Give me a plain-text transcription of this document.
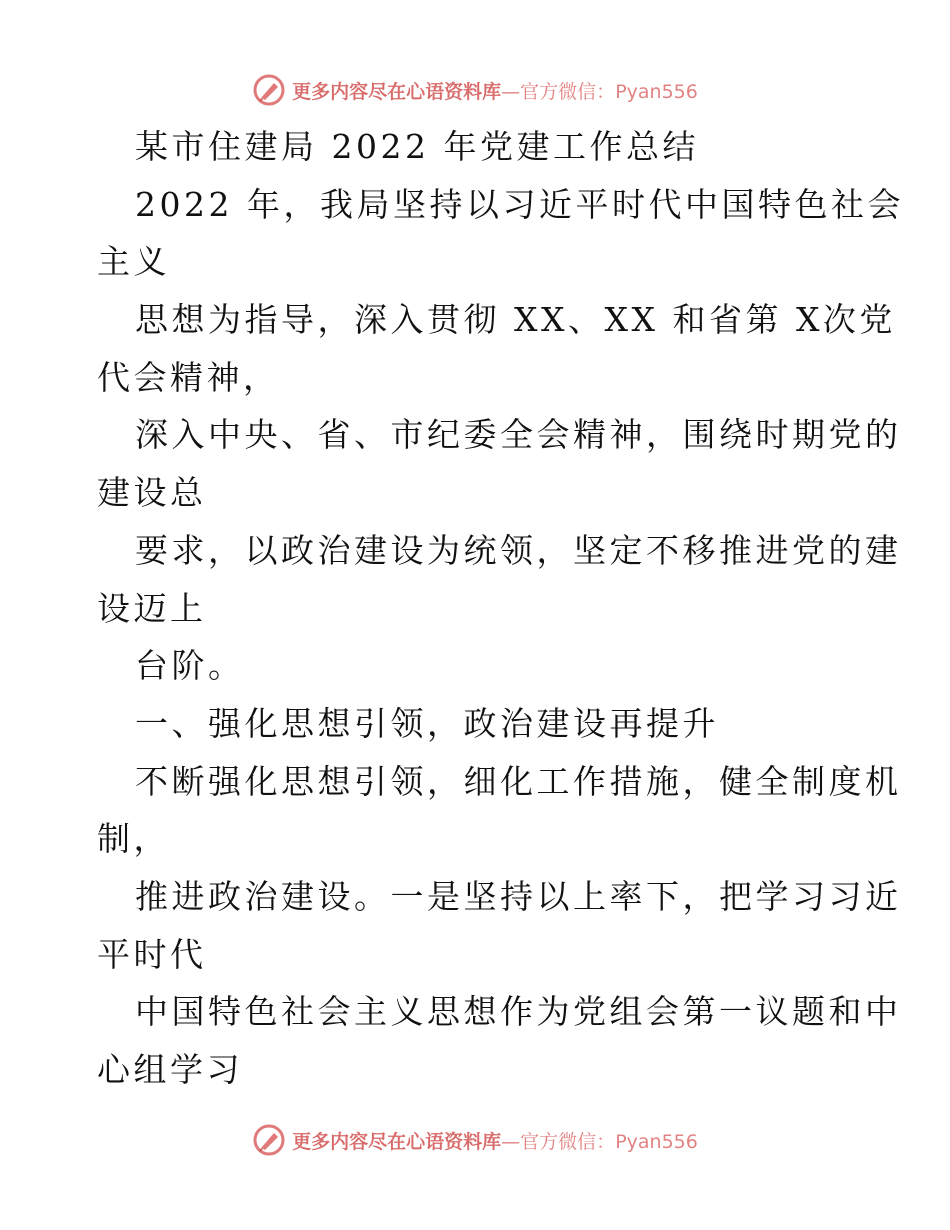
更多内容尽在心语资料库—官方微信：Pyan556
某市住建局 2022 年党建工作总结
2022 年，我局坚持以习近平时代中国特色社会
主义
思想为指导，深入贯彻 XX、XX 和省第 X次党
代会精神，
深入中央、省、市纪委全会精神，围绕时期党的
建设总
要求，以政治建设为统领，坚定不移推进党的建
设迈上
台阶。
一、强化思想引领，政治建设再提升
不断强化思想引领，细化工作措施，健全制度机
制，
推进政治建设。一是坚持以上率下，把学习习近
平时代
中国特色社会主义思想作为党组会第一议题和中
心组学习
更多内容尽在心语资料库—官方微信：Pyan556
